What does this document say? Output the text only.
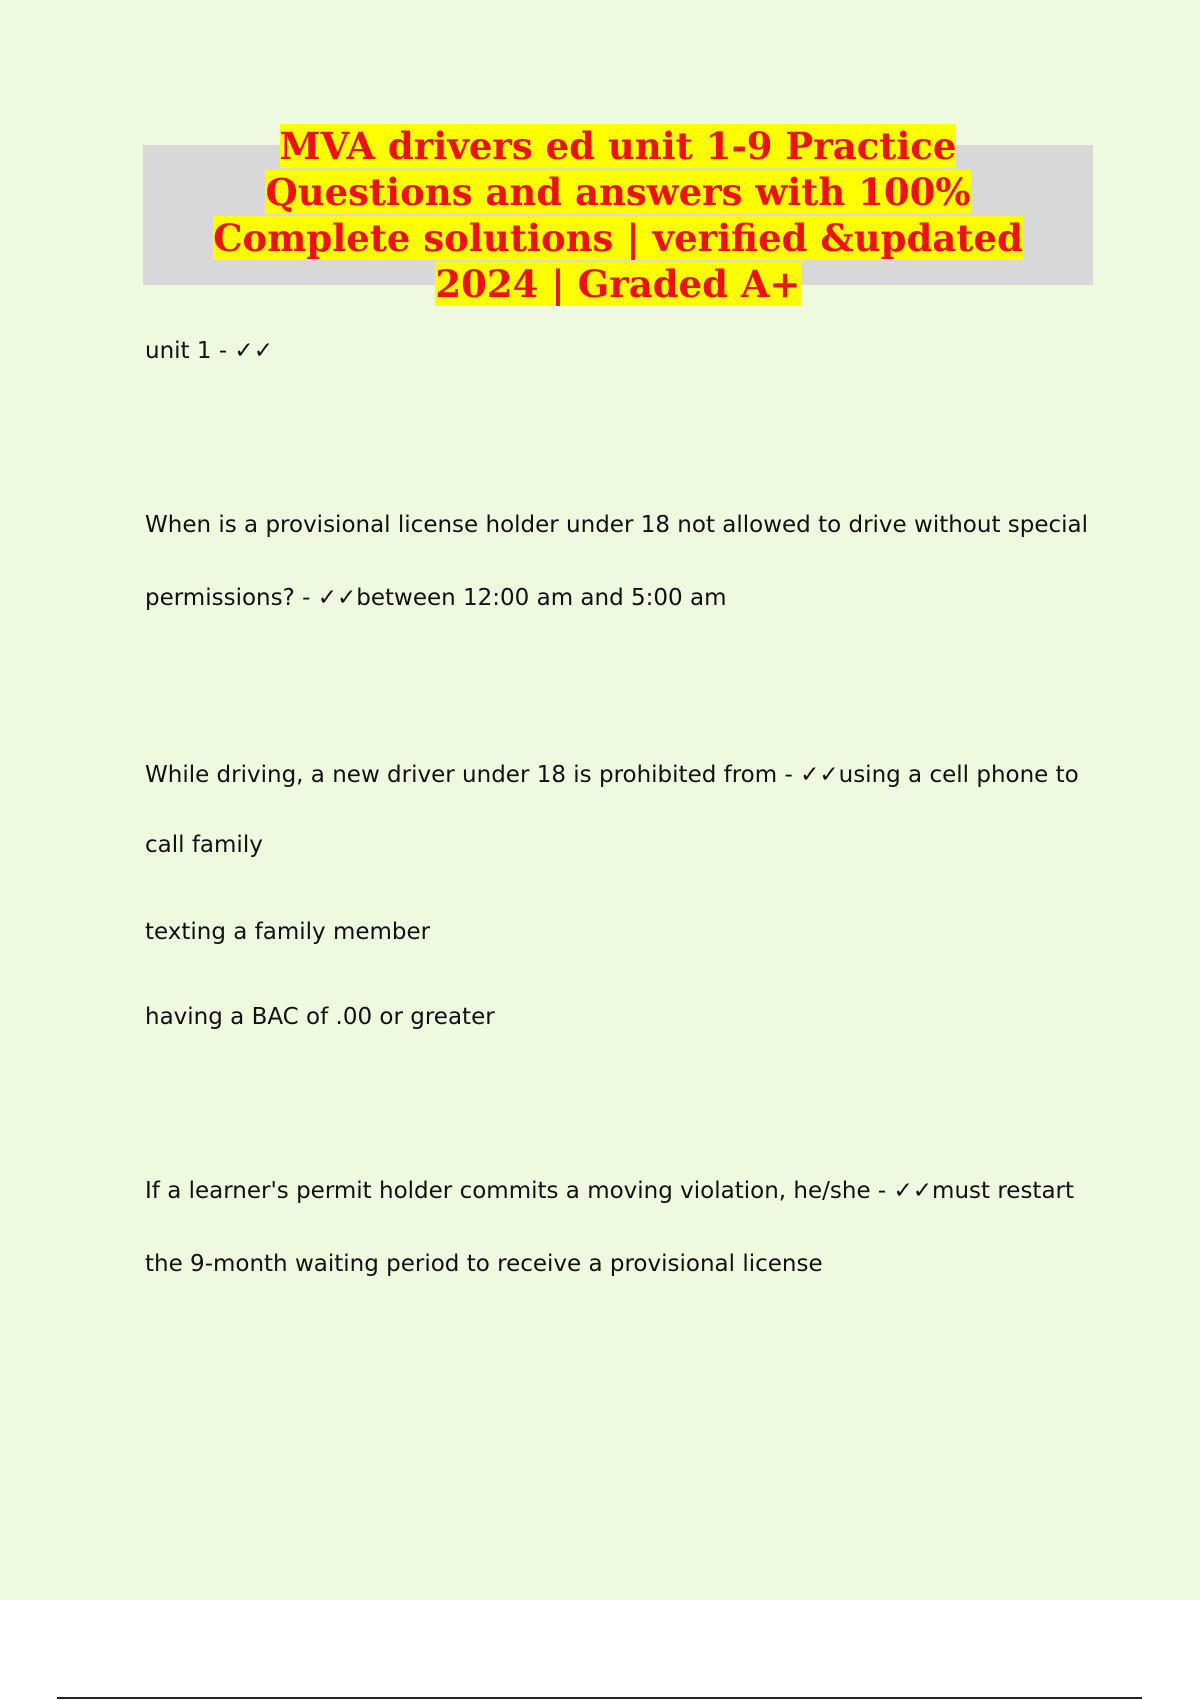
MVA drivers ed unit 1-9 Practice Questions and answers with 100% Complete solutions | verified &updated 2024 | Graded A+

unit 1 - ✓✓

When is a provisional license holder under 18 not allowed to drive without special

permissions? - ✓✓between 12:00 am and 5:00 am

While driving, a new driver under 18 is prohibited from - ✓✓using a cell phone to

call family

texting a family member

having a BAC of .00 or greater

If a learner's permit holder commits a moving violation, he/she - ✓✓must restart

the 9-month waiting period to receive a provisional license
